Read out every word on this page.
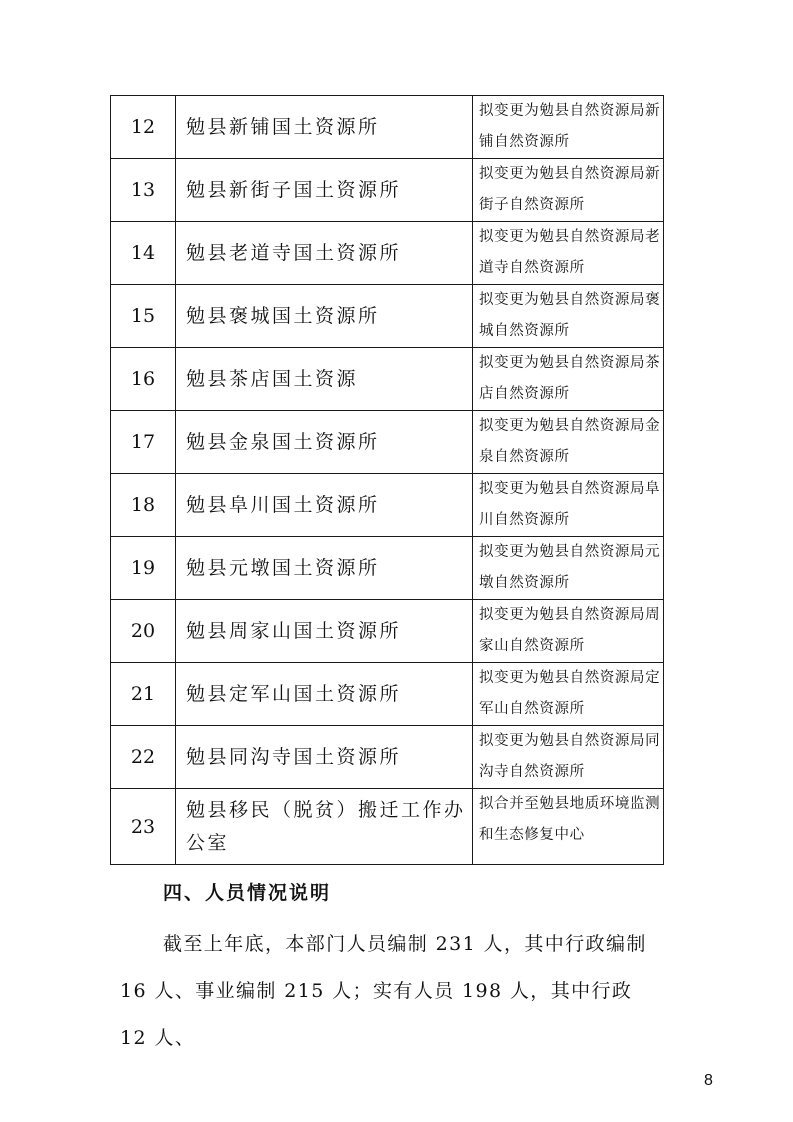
12	勉县新铺国土资源所	拟变更为勉县自然资源局新铺自然资源所
13	勉县新街子国土资源所	拟变更为勉县自然资源局新街子自然资源所
14	勉县老道寺国土资源所	拟变更为勉县自然资源局老道寺自然资源所
15	勉县褒城国土资源所	拟变更为勉县自然资源局褒城自然资源所
16	勉县茶店国土资源	拟变更为勉县自然资源局茶店自然资源所
17	勉县金泉国土资源所	拟变更为勉县自然资源局金泉自然资源所
18	勉县阜川国土资源所	拟变更为勉县自然资源局阜川自然资源所
19	勉县元墩国土资源所	拟变更为勉县自然资源局元墩自然资源所
20	勉县周家山国土资源所	拟变更为勉县自然资源局周家山自然资源所
21	勉县定军山国土资源所	拟变更为勉县自然资源局定军山自然资源所
22	勉县同沟寺国土资源所	拟变更为勉县自然资源局同沟寺自然资源所
23	勉县移民（脱贫）搬迁工作办公室	拟合并至勉县地质环境监测和生态修复中心
四、人员情况说明
截至上年底，本部门人员编制 231 人，其中行政编制 16 人、事业编制 215 人；实有人员 198 人，其中行政 12 人、
8
